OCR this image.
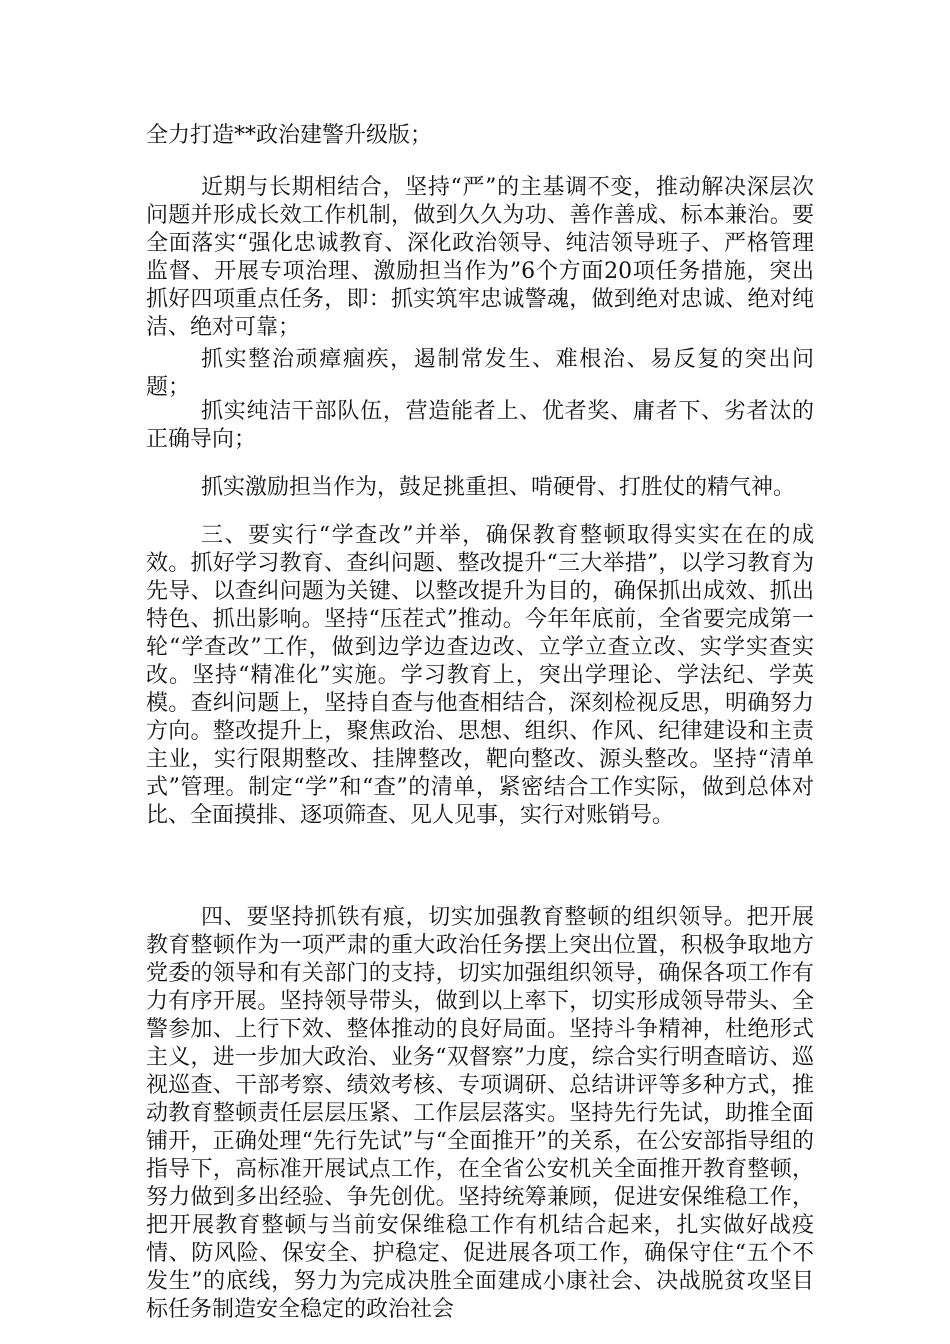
全力打造**政治建警升级版；

近期与长期相结合，坚持“严”的主基调不变，推动解决深层次问题并形成长效工作机制，做到久久为功、善作善成、标本兼治。要全面落实“强化忠诚教育、深化政治领导、纯洁领导班子、严格管理监督、开展专项治理、激励担当作为”6个方面20项任务措施，突出抓好四项重点任务，即：抓实筑牢忠诚警魂，做到绝对忠诚、绝对纯洁、绝对可靠；

抓实整治顽瘴痼疾，遏制常发生、难根治、易反复的突出问题；

抓实纯洁干部队伍，营造能者上、优者奖、庸者下、劣者汰的正确导向；

抓实激励担当作为，鼓足挑重担、啃硬骨、打胜仗的精气神。

三、要实行“学查改”并举，确保教育整顿取得实实在在的成效。抓好学习教育、查纠问题、整改提升“三大举措”，以学习教育为先导、以查纠问题为关键、以整改提升为目的，确保抓出成效、抓出特色、抓出影响。坚持“压茬式”推动。今年年底前，全省要完成第一轮“学查改”工作，做到边学边查边改、立学立查立改、实学实查实改。坚持“精准化”实施。学习教育上，突出学理论、学法纪、学英模。查纠问题上，坚持自查与他查相结合，深刻检视反思，明确努力方向。整改提升上，聚焦政治、思想、组织、作风、纪律建设和主责主业，实行限期整改、挂牌整改，靶向整改、源头整改。坚持“清单式”管理。制定“学”和“查”的清单，紧密结合工作实际，做到总体对比、全面摸排、逐项筛查、见人见事，实行对账销号。

四、要坚持抓铁有痕，切实加强教育整顿的组织领导。把开展教育整顿作为一项严肃的重大政治任务摆上突出位置，积极争取地方党委的领导和有关部门的支持，切实加强组织领导，确保各项工作有力有序开展。坚持领导带头，做到以上率下，切实形成领导带头、全警参加、上行下效、整体推动的良好局面。坚持斗争精神，杜绝形式主义，进一步加大政治、业务“双督察”力度，综合实行明查暗访、巡视巡查、干部考察、绩效考核、专项调研、总结讲评等多种方式，推动教育整顿责任层层压紧、工作层层落实。坚持先行先试，助推全面铺开，正确处理“先行先试”与“全面推开”的关系，在公安部指导组的指导下，高标准开展试点工作，在全省公安机关全面推开教育整顿，努力做到多出经验、争先创优。坚持统筹兼顾，促进安保维稳工作，把开展教育整顿与当前安保维稳工作有机结合起来，扎实做好战疫情、防风险、保安全、护稳定、促进展各项工作，确保守住“五个不发生”的底线，努力为完成决胜全面建成小康社会、决战脱贫攻坚目标任务制造安全稳定的政治社会
